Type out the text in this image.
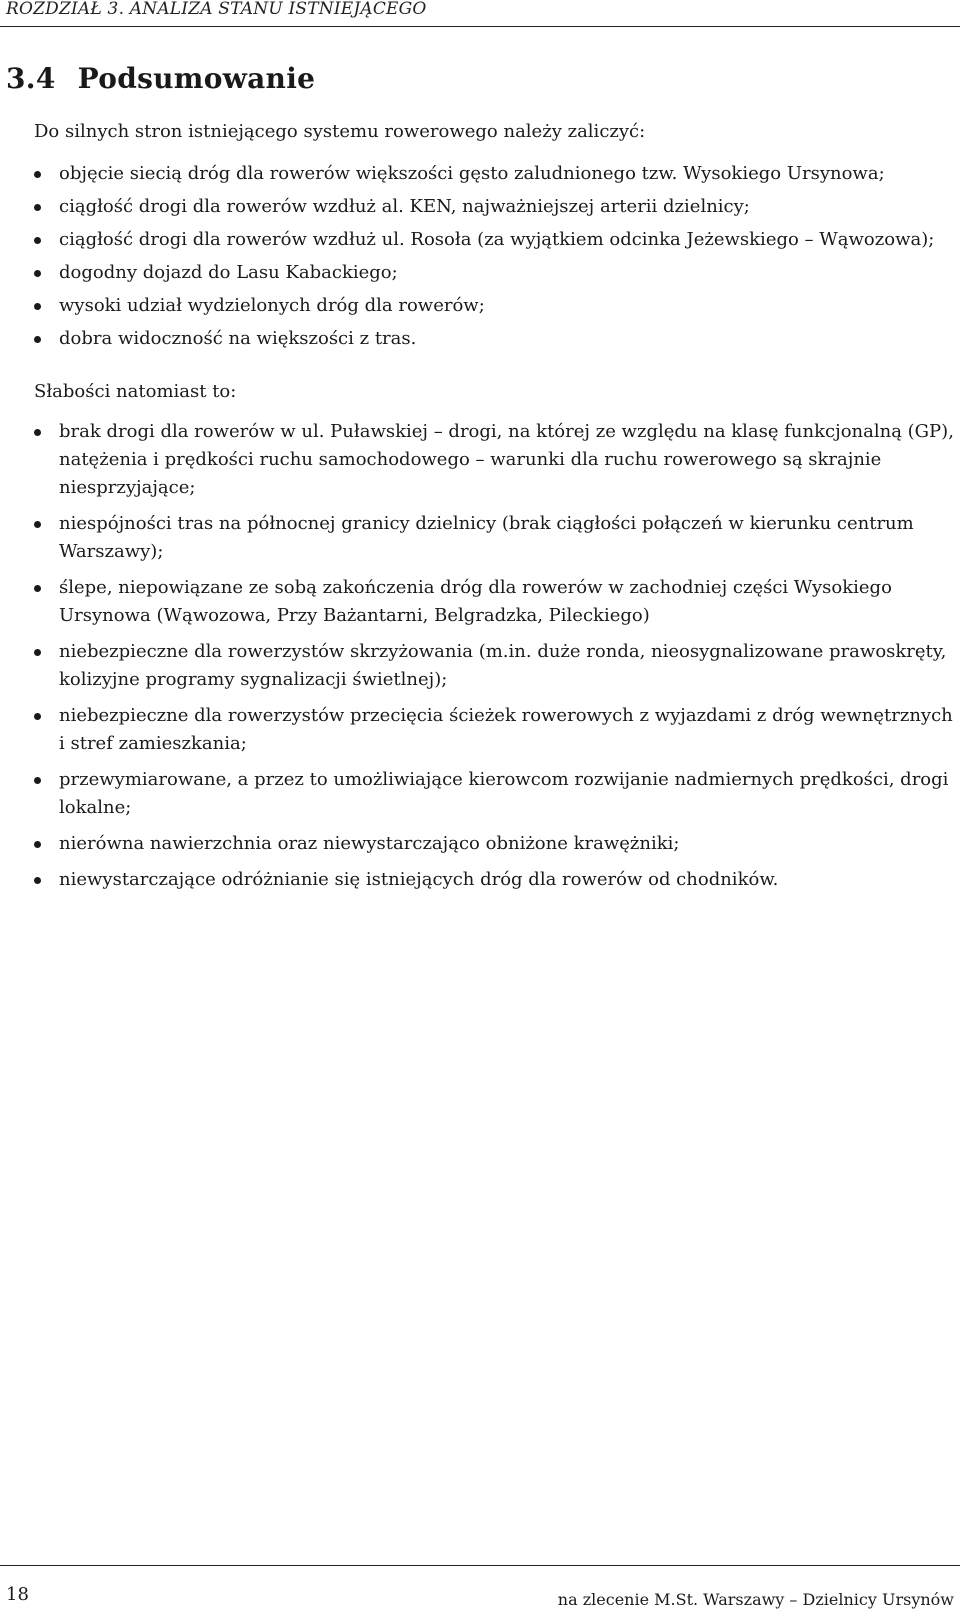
ROZDZIAŁ 3. ANALIZA STANU ISTNIEJĄCEGO
3.4 Podsumowanie

Do silnych stron istniejącego systemu rowerowego należy zaliczyć:

objęcie siecią dróg dla rowerów większości gęsto zaludnionego tzw. Wysokiego Ursynowa;
ciągłość drogi dla rowerów wzdłuż al. KEN, najważniejszej arterii dzielnicy;
ciągłość drogi dla rowerów wzdłuż ul. Rosoła (za wyjątkiem odcinka Jeżewskiego – Wąwozowa);
dogodny dojazd do Lasu Kabackiego;
wysoki udział wydzielonych dróg dla rowerów;
dobra widoczność na większości z tras.

Słabości natomiast to:

brak drogi dla rowerów w ul. Puławskiej – drogi, na której ze względu na klasę funkcjonalną (GP), natężenia i prędkości ruchu samochodowego – warunki dla ruchu rowerowego są skrajnie niesprzyjające;
niespójności tras na północnej granicy dzielnicy (brak ciągłości połączeń w kierunku centrum Warszawy);
ślepe, niepowiązane ze sobą zakończenia dróg dla rowerów w zachodniej części Wysokiego Ursynowa (Wąwozowa, Przy Bażantarni, Belgradzka, Pileckiego)
niebezpieczne dla rowerzystów skrzyżowania (m.in. duże ronda, nieosygnalizowane prawoskręty, kolizyjne programy sygnalizacji świetlnej);
niebezpieczne dla rowerzystów przecięcia ścieżek rowerowych z wyjazdami z dróg wewnętrznych i stref zamieszkania;
przewymiarowane, a przez to umożliwiające kierowcom rozwijanie nadmiernych prędkości, drogi lokalne;
nierówna nawierzchnia oraz niewystarczająco obniżone krawężniki;
niewystarczające odróżnianie się istniejących dróg dla rowerów od chodników.
18	na zlecenie M.St. Warszawy – Dzielnicy Ursynów
